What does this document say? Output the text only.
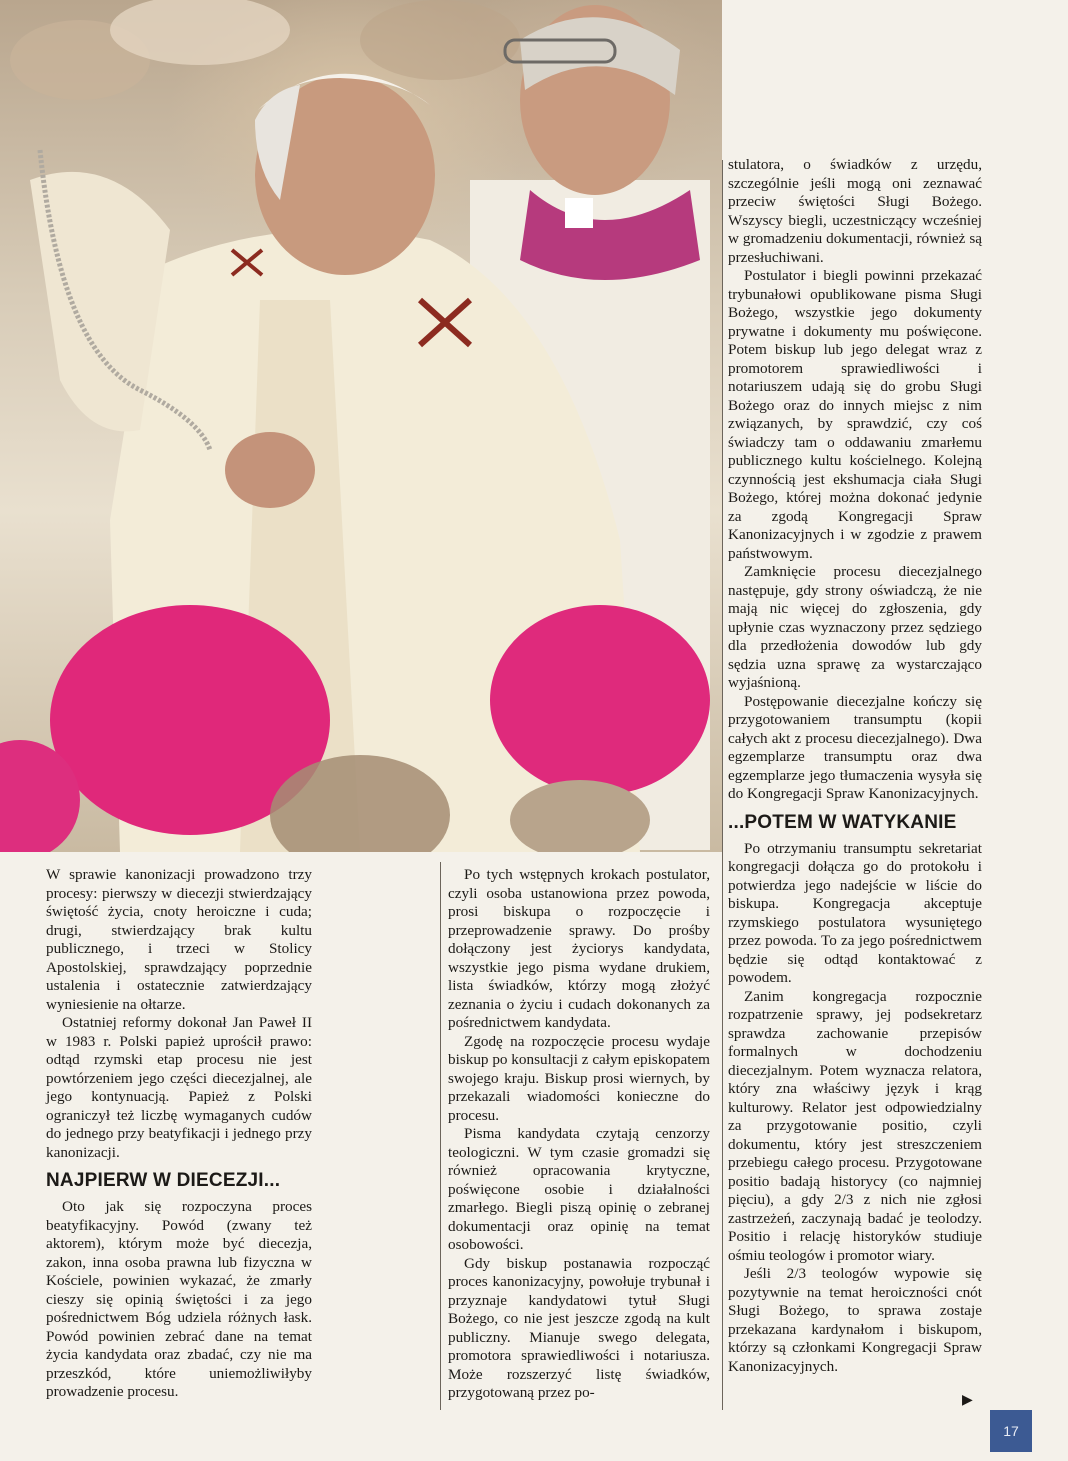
stulatora, o świadków z urzędu, szczególnie jeśli mogą oni zeznawać przeciw świętości Sługi Bożego. Wszyscy biegli, uczestniczący wcześniej w gromadzeniu dokumentacji, również są przesłuchiwani.

Postulator i biegli powinni przekazać trybunałowi opublikowane pisma Sługi Bożego, wszystkie jego dokumenty prywatne i dokumenty mu poświęcone. Potem biskup lub jego delegat wraz z promotorem sprawiedliwości i notariuszem udają się do grobu Sługi Bożego oraz do innych miejsc z nim związanych, by sprawdzić, czy coś świadczy tam o oddawaniu zmarłemu publicznego kultu kościelnego. Kolejną czynnością jest ekshumacja ciała Sługi Bożego, której można dokonać jedynie za zgodą Kongregacji Spraw Kanonizacyjnych i w zgodzie z prawem państwowym.

Zamknięcie procesu diecezjalnego następuje, gdy strony oświadczą, że nie mają nic więcej do zgłoszenia, gdy upłynie czas wyznaczony przez sędziego dla przedłożenia dowodów lub gdy sędzia uzna sprawę za wystarczająco wyjaśnioną.

Postępowanie diecezjalne kończy się przygotowaniem transumptu (kopii całych akt z procesu diecezjalnego). Dwa egzemplarze transumptu oraz dwa egzemplarze jego tłumaczenia wysyła się do Kongregacji Spraw Kanonizacyjnych.

...POTEM W WATYKANIE

Po otrzymaniu transumptu sekretariat kongregacji dołącza go do protokołu i potwierdza jego nadejście w liście do biskupa. Kongregacja akceptuje rzymskiego postulatora wysuniętego przez powoda. To za jego pośrednictwem będzie się odtąd kontaktować z powodem.

Zanim kongregacja rozpocznie rozpatrzenie sprawy, jej podsekretarz sprawdza zachowanie przepisów formalnych w dochodzeniu diecezjalnym. Potem wyznacza relatora, który zna właściwy język i krąg kulturowy. Relator jest odpowiedzialny za przygotowanie positio, czyli dokumentu, który jest streszczeniem przebiegu całego procesu. Przygotowane positio badają historycy (co najmniej pięciu), a gdy 2/3 z nich nie zgłosi zastrzeżeń, zaczynają badać je teolodzy. Positio i relację historyków studiuje ośmiu teologów i promotor wiary.

Jeśli 2/3 teologów wypowie się pozytywnie na temat heroiczności cnót Sługi Bożego, to sprawa zostaje przekazana kardynałom i biskupom, którzy są członkami Kongregacji Spraw Kanonizacyjnych.

W sprawie kanonizacji prowadzono trzy procesy: pierwszy w diecezji stwierdzający świętość życia, cnoty heroiczne i cuda; drugi, stwierdzający brak kultu publicznego, i trzeci w Stolicy Apostolskiej, sprawdzający poprzednie ustalenia i ostatecznie zatwierdzający wyniesienie na ołtarze.

Ostatniej reformy dokonał Jan Paweł II w 1983 r. Polski papież uprościł prawo: odtąd rzymski etap procesu nie jest powtórzeniem jego części diecezjalnej, ale jego kontynuacją. Papież z Polski ograniczył też liczbę wymaganych cudów do jednego przy beatyfikacji i jednego przy kanonizacji.

NAJPIERW W DIECEZJI...

Oto jak się rozpoczyna proces beatyfikacyjny. Powód (zwany też aktorem), którym może być diecezja, zakon, inna osoba prawna lub fizyczna w Kościele, powinien wykazać, że zmarły cieszy się opinią świętości i za jego pośrednictwem Bóg udziela różnych łask. Powód powinien zebrać dane na temat życia kandydata oraz zbadać, czy nie ma przeszkód, które uniemożliwiłyby prowadzenie procesu.

Po tych wstępnych krokach postulator, czyli osoba ustanowiona przez powoda, prosi biskupa o rozpoczęcie i przeprowadzenie sprawy. Do prośby dołączony jest życiorys kandydata, wszystkie jego pisma wydane drukiem, lista świadków, którzy mogą złożyć zeznania o życiu i cudach dokonanych za pośrednictwem kandydata.

Zgodę na rozpoczęcie procesu wydaje biskup po konsultacji z całym episkopatem swojego kraju. Biskup prosi wiernych, by przekazali wiadomości konieczne do procesu.

Pisma kandydata czytają cenzorzy teologiczni. W tym czasie gromadzi się również opracowania krytyczne, poświęcone osobie i działalności zmarłego. Biegli piszą opinię o zebranej dokumentacji oraz opinię na temat osobowości.

Gdy biskup postanawia rozpocząć proces kanonizacyjny, powołuje trybunał i przyznaje kandydatowi tytuł Sługi Bożego, co nie jest jeszcze zgodą na kult publiczny. Mianuje swego delegata, promotora sprawiedliwości i notariusza. Może rozszerzyć listę świadków, przygotowaną przez po-	▶
17
